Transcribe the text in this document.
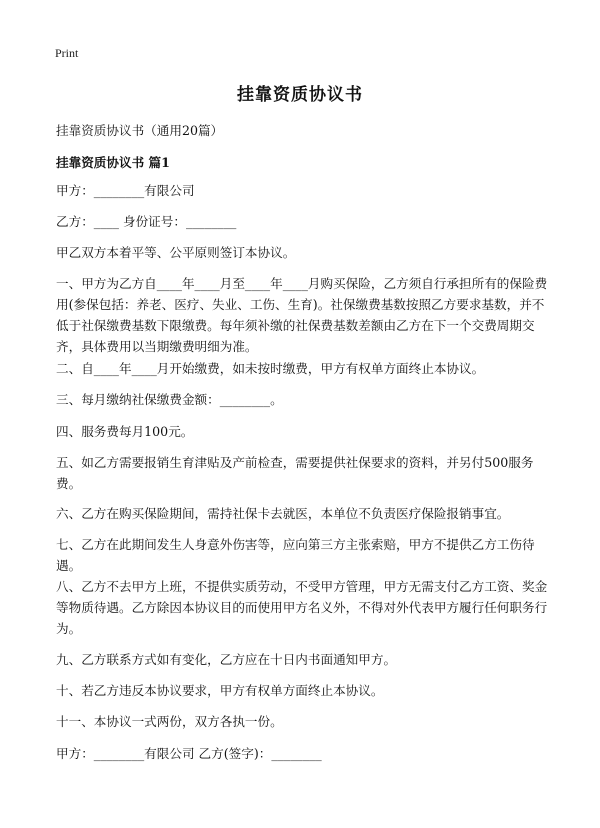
Print
挂靠资质协议书

挂靠资质协议书（通用20篇）

挂靠资质协议书 篇1

甲方：________有限公司

乙方：____ 身份证号：________

甲乙双方本着平等、公平原则签订本协议。

一、甲方为乙方自____年____月至____年____月购买保险，乙方须自行承担所有的保险费用(参保包括：养老、医疗、失业、工伤、生育)。社保缴费基数按照乙方要求基数，并不低于社保缴费基数下限缴费。每年须补缴的社保费基数差额由乙方在下一个交费周期交齐，具体费用以当期缴费明细为准。

二、自____年____月开始缴费，如未按时缴费，甲方有权单方面终止本协议。

三、每月缴纳社保缴费金额：________。

四、服务费每月100元。

五、如乙方需要报销生育津贴及产前检查，需要提供社保要求的资料，并另付500服务费。

六、乙方在购买保险期间，需持社保卡去就医，本单位不负责医疗保险报销事宜。

七、乙方在此期间发生人身意外伤害等，应向第三方主张索赔，甲方不提供乙方工伤待遇。

八、乙方不去甲方上班，不提供实质劳动，不受甲方管理，甲方无需支付乙方工资、奖金等物质待遇。乙方除因本协议目的而使用甲方名义外，不得对外代表甲方履行任何职务行为。

九、乙方联系方式如有变化，乙方应在十日内书面通知甲方。

十、若乙方违反本协议要求，甲方有权单方面终止本协议。

十一、本协议一式两份，双方各执一份。

甲方：________有限公司 乙方(签字)：________
